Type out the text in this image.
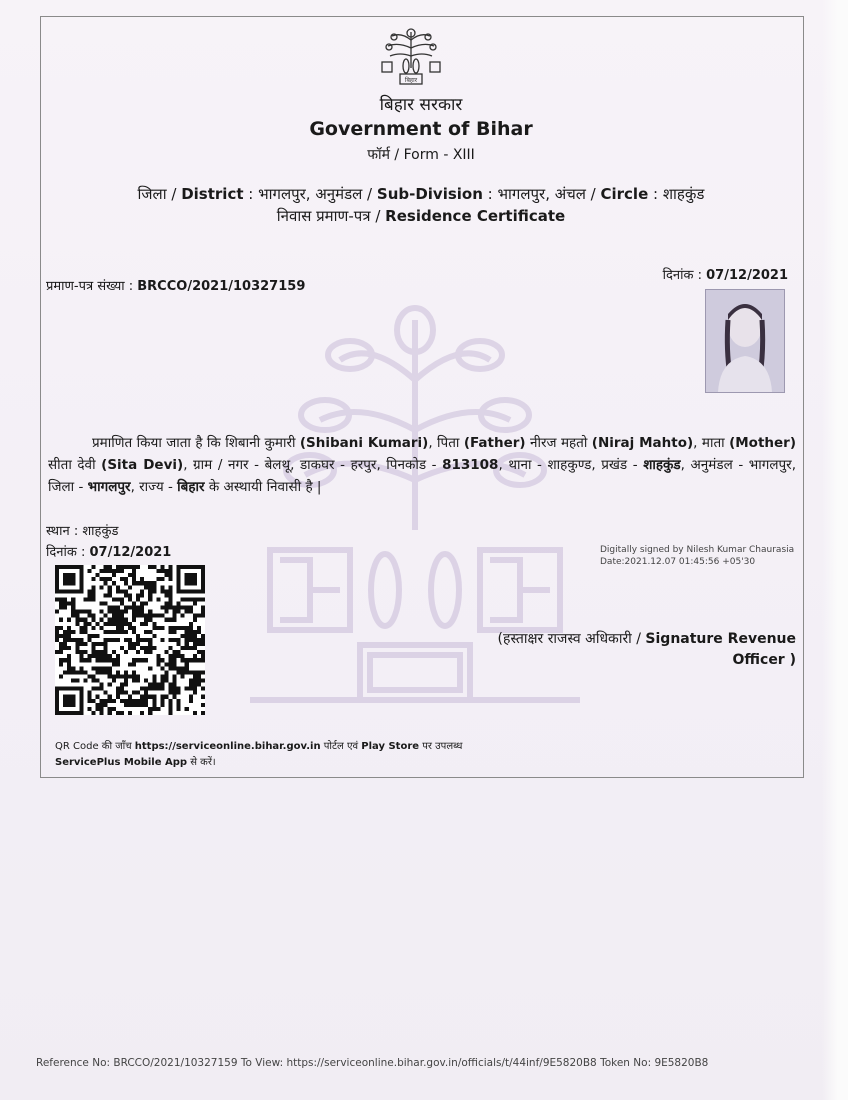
बिहार
बिहार सरकार
Government of Bihar
फॉर्म / Form - XIII
जिला / District : भागलपुर, अनुमंडल / Sub-Division : भागलपुर, अंचल / Circle : शाहकुंड
निवास प्रमाण-पत्र / Residence Certificate
प्रमाण-पत्र संख्या : BRCCO/2021/10327159
दिनांक : 07/12/2021
प्रमाणित किया जाता है कि शिबानी कुमारी (Shibani Kumari), पिता (Father) नीरज महतो (Niraj Mahto), माता (Mother) सीता देवी (Sita Devi), ग्राम / नगर - बेलथू, डाकघर - हरपुर, पिनकोड - 813108, थाना - शाहकुण्ड, प्रखंड - शाहकुंड, अनुमंडल - भागलपुर, जिला - भागलपुर, राज्य - बिहार के अस्थायी निवासी है |
स्थान : शाहकुंड
दिनांक : 07/12/2021	Digitally signed by Nilesh Kumar Chaurasia
Date:2021.12.07 01:45:56 +05'30
(हस्ताक्षर राजस्व अधिकारी / Signature Revenue
Officer )
QR Code की जाँच https://serviceonline.bihar.gov.in पोर्टल एवं Play Store पर उपलब्ध
ServicePlus Mobile App से करें।
Reference No: BRCCO/2021/10327159 To View: https://serviceonline.bihar.gov.in/officials/t/44inf/9E5820B8 Token No: 9E5820B8
